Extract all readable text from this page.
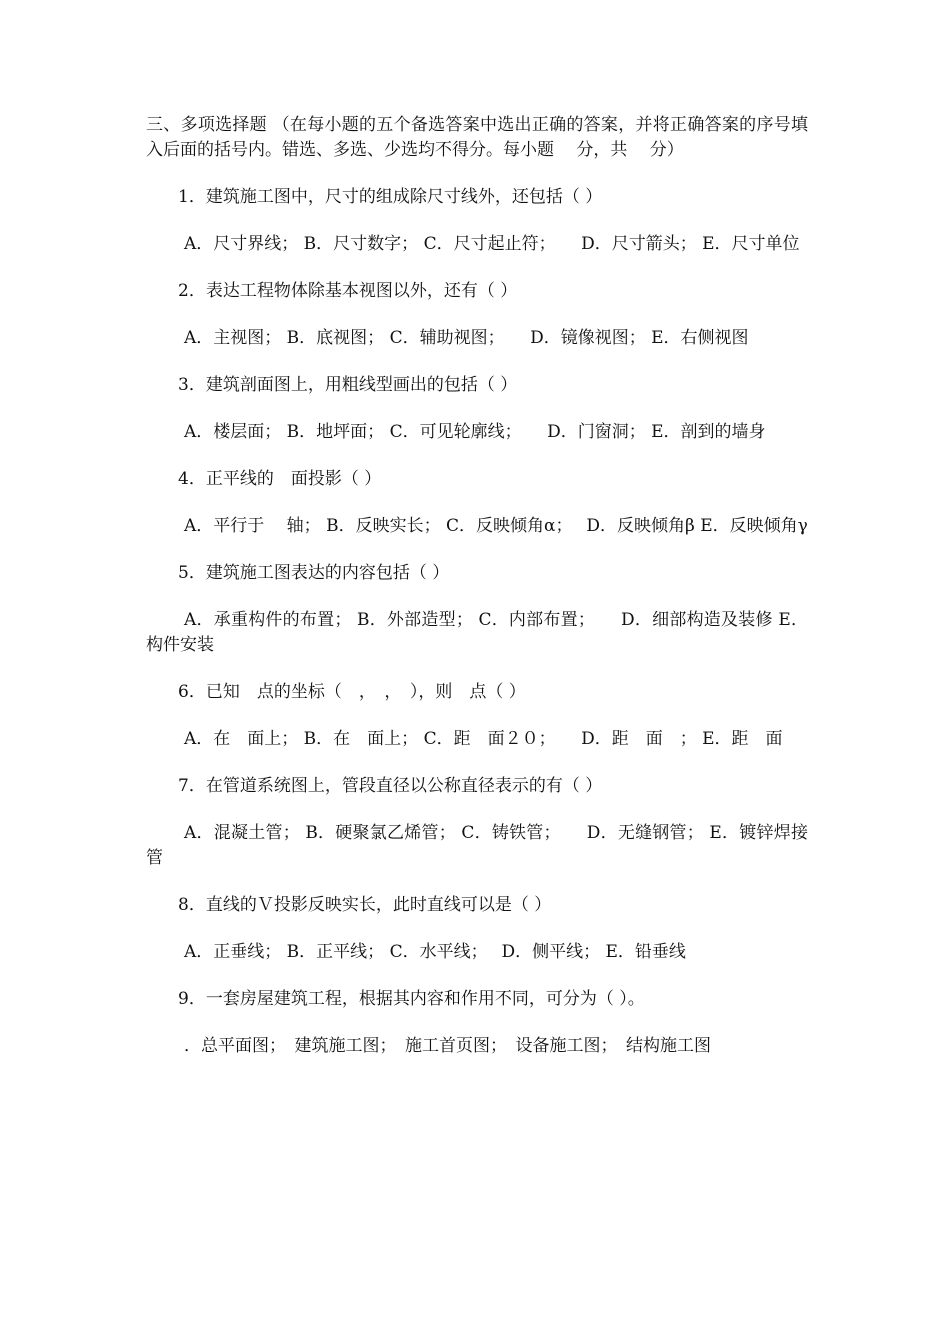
三、多项选择题 （在每小题的五个备选答案中选出正确的答案，并将正确答案的序号填入后面的括号内。错选、多选、少选均不得分。每小题　 分，共　 分）

1．建筑施工图中，尺寸的组成除尺寸线外，还包括（ ）

A．尺寸界线； B．尺寸数字； C．尺寸起止符；　　D．尺寸箭头； E．尺寸单位

2．表达工程物体除基本视图以外，还有（ ）

A．主视图； B．底视图； C．辅助视图；　　D．镜像视图； E．右侧视图

3．建筑剖面图上，用粗线型画出的包括（ ）

A．楼层面； B．地坪面； C．可见轮廓线；　　D．门窗洞； E．剖到的墙身

4．正平线的　面投影（ ）

A．平行于　 轴； B．反映实长； C．反映倾角α；　 D．反映倾角β E．反映倾角γ

5．建筑施工图表达的内容包括（ ）

A．承重构件的布置； B．外部造型； C．内部布置；　　D．细部构造及装修 E．构件安装

6．已知　点的坐标（　，　，　），则　点（ ）

A．在　面上； B．在　面上； C．距　面２０；　　D．距　面　； E．距　面

7．在管道系统图上，管段直径以公称直径表示的有（ ）

A．混凝土管； B．硬聚氯乙烯管； C．铸铁管；　　D．无缝钢管； E．镀锌焊接管

8．直线的Ｖ投影反映实长，此时直线可以是（ ）

A．正垂线； B．正平线； C．水平线；　 D．侧平线； E．铅垂线

9．一套房屋建筑工程，根据其内容和作用不同，可分为（ ）。

．总平面图；　建筑施工图；　施工首页图；　设备施工图；　结构施工图
